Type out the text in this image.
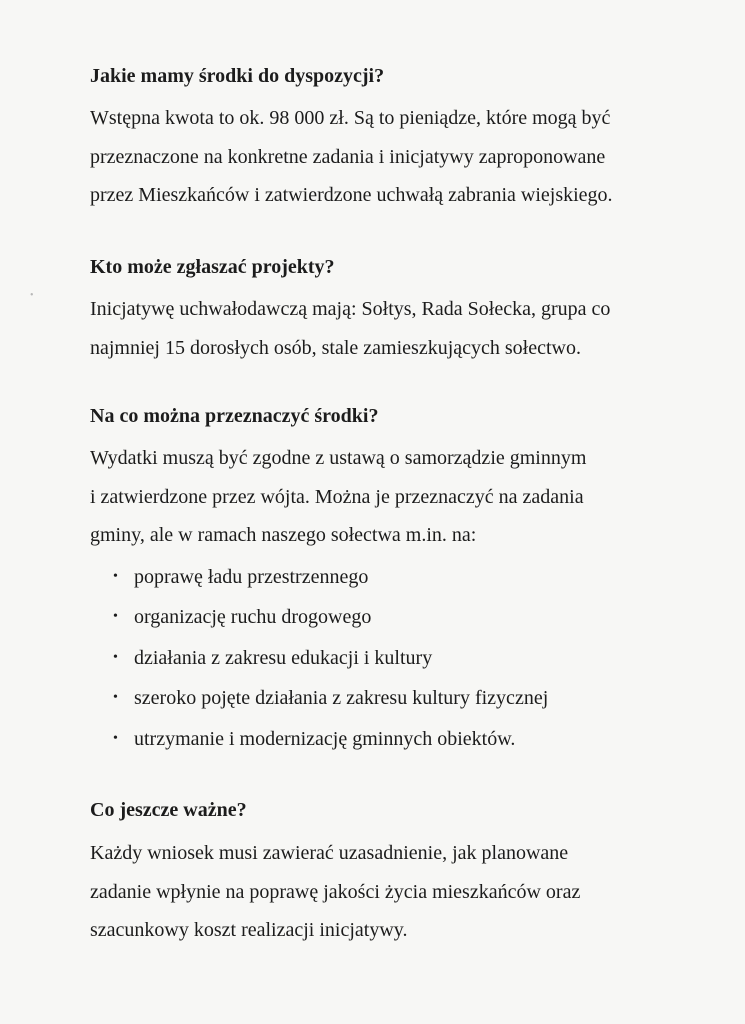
•
Jakie mamy środki do dyspozycji?
Wstępna kwota to ok. 98 000 zł. Są to pieniądze, które mogą być
przeznaczone na konkretne zadania i inicjatywy zaproponowane
przez Mieszkańców i zatwierdzone uchwałą zabrania wiejskiego.
Kto może zgłaszać projekty?
Inicjatywę uchwałodawczą mają: Sołtys, Rada Sołecka, grupa co
najmniej 15 dorosłych osób, stale zamieszkujących sołectwo.
Na co można przeznaczyć środki?
Wydatki muszą być zgodne z ustawą o samorządzie gminnym
i zatwierdzone przez wójta. Można je przeznaczyć na zadania
gminy, ale w ramach naszego sołectwa m.in. na:
• poprawę ładu przestrzennego
• organizację ruchu drogowego
• działania z zakresu edukacji i kultury
• szeroko pojęte działania z zakresu kultury fizycznej
• utrzymanie i modernizację gminnych obiektów.
Co jeszcze ważne?
Każdy wniosek musi zawierać uzasadnienie, jak planowane
zadanie wpłynie na poprawę jakości życia mieszkańców oraz
szacunkowy koszt realizacji inicjatywy.
